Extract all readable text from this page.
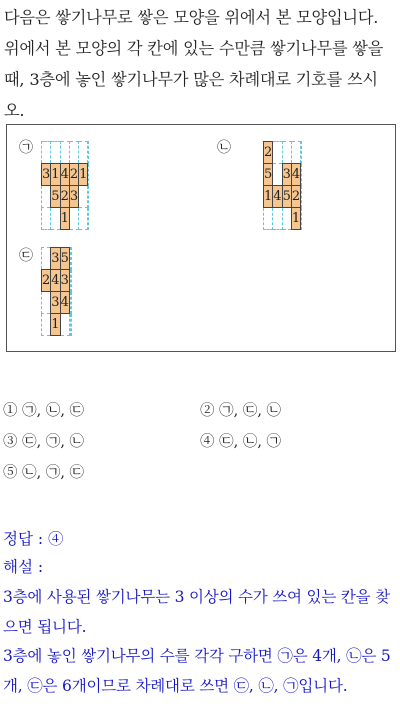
다음은 쌓기나무로 쌓은 모양을 위에서 본 모양입니다. 위에서 본 모양의 각 칸에 있는 수만큼 쌓기나무를 쌓을 때, 3층에 놓인 쌓기나무가 많은 차례대로 기호를 쓰시오.
㉠

3	1	4	2	1	
	5	2	3		
		1			
㉡	2				
5		3	4	
1	4	5	2	
			1	
㉢
	3	5		
2	4	3		
	3	4		
	1			
① ㉠, ㉡, ㉢	② ㉠, ㉢, ㉡
③ ㉢, ㉠, ㉡	④ ㉢, ㉡, ㉠
⑤ ㉡, ㉠, ㉢
정답 : ④
해설 :
3층에 사용된 쌓기나무는 3 이상의 수가 쓰여 있는 칸을 찾으면 됩니다.
3층에 놓인 쌓기나무의 수를 각각 구하면 ㉠은 4개, ㉡은 5개, ㉢은 6개이므로 차례대로 쓰면 ㉢, ㉡, ㉠입니다.
